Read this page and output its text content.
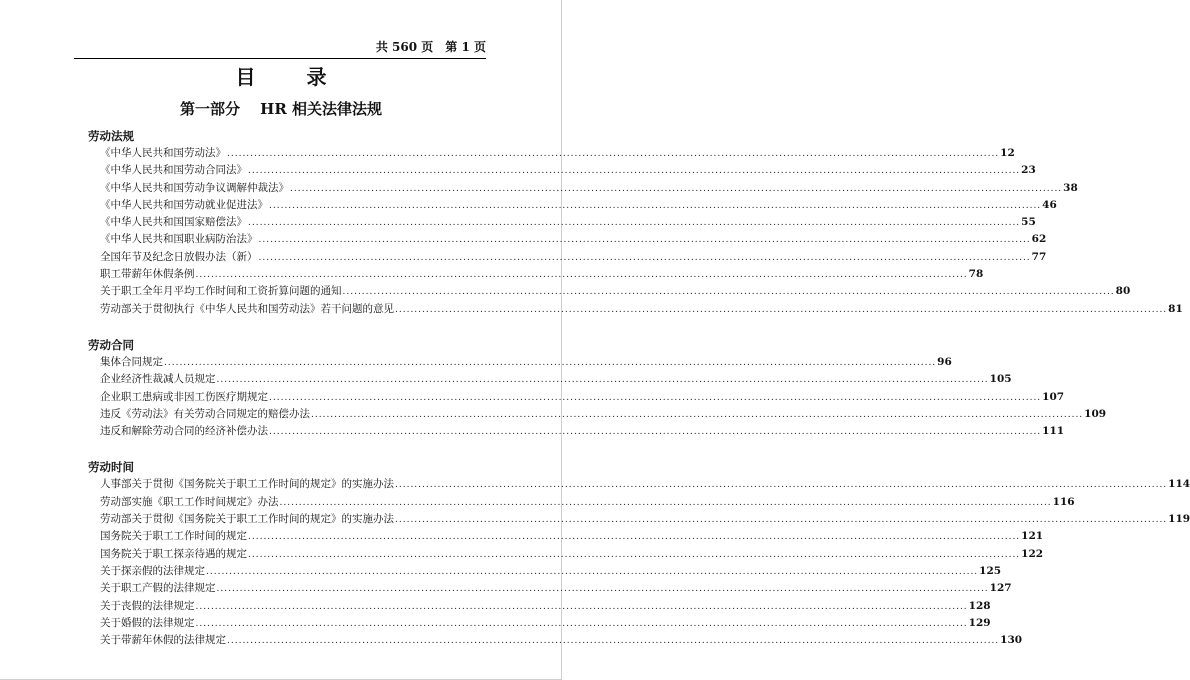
共 560 页 第 1 页
目 录
第一部分　 HR 相关法律法规
劳动法规
《中华人民共和国劳动法》 ........................................................................................................................................................................................................ 12
《中华人民共和国劳动合同法》 ........................................................................................................................................................................................................ 23
《中华人民共和国劳动争议调解仲裁法》 ........................................................................................................................................................................................................ 38
《中华人民共和国劳动就业促进法》 ........................................................................................................................................................................................................ 46
《中华人民共和国国家赔偿法》 ........................................................................................................................................................................................................ 55
《中华人民共和国职业病防治法》 ........................................................................................................................................................................................................ 62
全国年节及纪念日放假办法（新） ........................................................................................................................................................................................................ 77
职工带薪年休假条例 ........................................................................................................................................................................................................ 78
关于职工全年月平均工作时间和工资折算问题的通知 ........................................................................................................................................................................................................ 80
劳动部关于贯彻执行《中华人民共和国劳动法》若干问题的意见 ........................................................................................................................................................................................................ 81
劳动合同
集体合同规定 ........................................................................................................................................................................................................ 96
企业经济性裁减人员规定 ........................................................................................................................................................................................................ 105
企业职工患病或非因工伤医疗期规定 ........................................................................................................................................................................................................ 107
违反《劳动法》有关劳动合同规定的赔偿办法 ........................................................................................................................................................................................................ 109
违反和解除劳动合同的经济补偿办法 ........................................................................................................................................................................................................ 111
劳动时间
人事部关于贯彻《国务院关于职工工作时间的规定》的实施办法 ........................................................................................................................................................................................................ 114
劳动部实施《职工工作时间规定》办法 ........................................................................................................................................................................................................ 116
劳动部关于贯彻《国务院关于职工工作时间的规定》的实施办法 ........................................................................................................................................................................................................ 119
国务院关于职工工作时间的规定 ........................................................................................................................................................................................................ 121
国务院关于职工探亲待遇的规定 ........................................................................................................................................................................................................ 122
关于探亲假的法律规定 ........................................................................................................................................................................................................ 125
关于职工产假的法律规定 ........................................................................................................................................................................................................ 127
关于丧假的法律规定 ........................................................................................................................................................................................................ 128
关于婚假的法律规定 ........................................................................................................................................................................................................ 129
关于带薪年休假的法律规定 ........................................................................................................................................................................................................ 130
